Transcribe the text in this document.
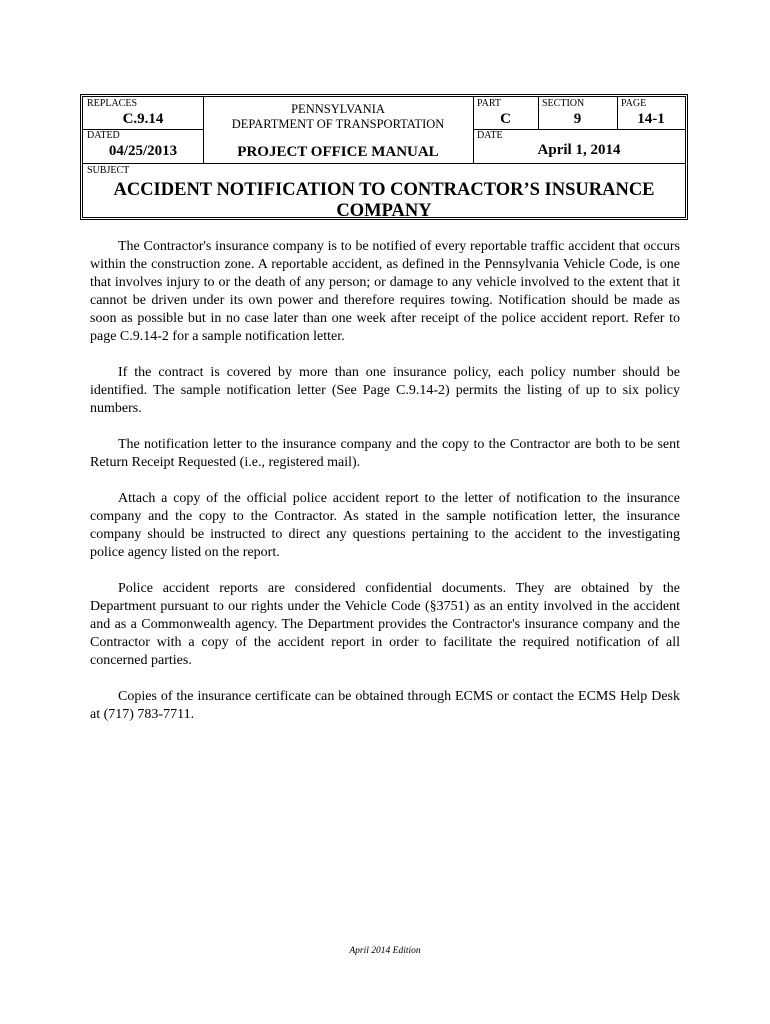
REPLACES
C.9.14
DATED
04/25/2013
PENNSYLVANIA
DEPARTMENT OF TRANSPORTATION
PROJECT OFFICE MANUAL
PART
C
SECTION
9
PAGE
14-1
DATE
April 1, 2014
SUBJECT
ACCIDENT NOTIFICATION TO CONTRACTOR’S INSURANCE
COMPANY

The Contractor's insurance company is to be notified of every reportable traffic accident that occurs within the construction zone. A reportable accident, as defined in the Pennsylvania Vehicle Code, is one that involves injury to or the death of any person; or damage to any vehicle involved to the extent that it cannot be driven under its own power and therefore requires towing. Notification should be made as soon as possible but in no case later than one week after receipt of the police accident report. Refer to page C.9.14-2 for a sample notification letter.

If the contract is covered by more than one insurance policy, each policy number should be identified. The sample notification letter (See Page C.9.14-2) permits the listing of up to six policy numbers.

The notification letter to the insurance company and the copy to the Contractor are both to be sent Return Receipt Requested (i.e., registered mail).

Attach a copy of the official police accident report to the letter of notification to the insurance company and the copy to the Contractor. As stated in the sample notification letter, the insurance company should be instructed to direct any questions pertaining to the accident to the investigating police agency listed on the report.

Police accident reports are considered confidential documents. They are obtained by the Department pursuant to our rights under the Vehicle Code (§3751) as an entity involved in the accident and as a Commonwealth agency. The Department provides the Contractor's insurance company and the Contractor with a copy of the accident report in order to facilitate the required notification of all concerned parties.

Copies of the insurance certificate can be obtained through ECMS or contact the ECMS Help Desk at (717) 783-7711.

April 2014 Edition
